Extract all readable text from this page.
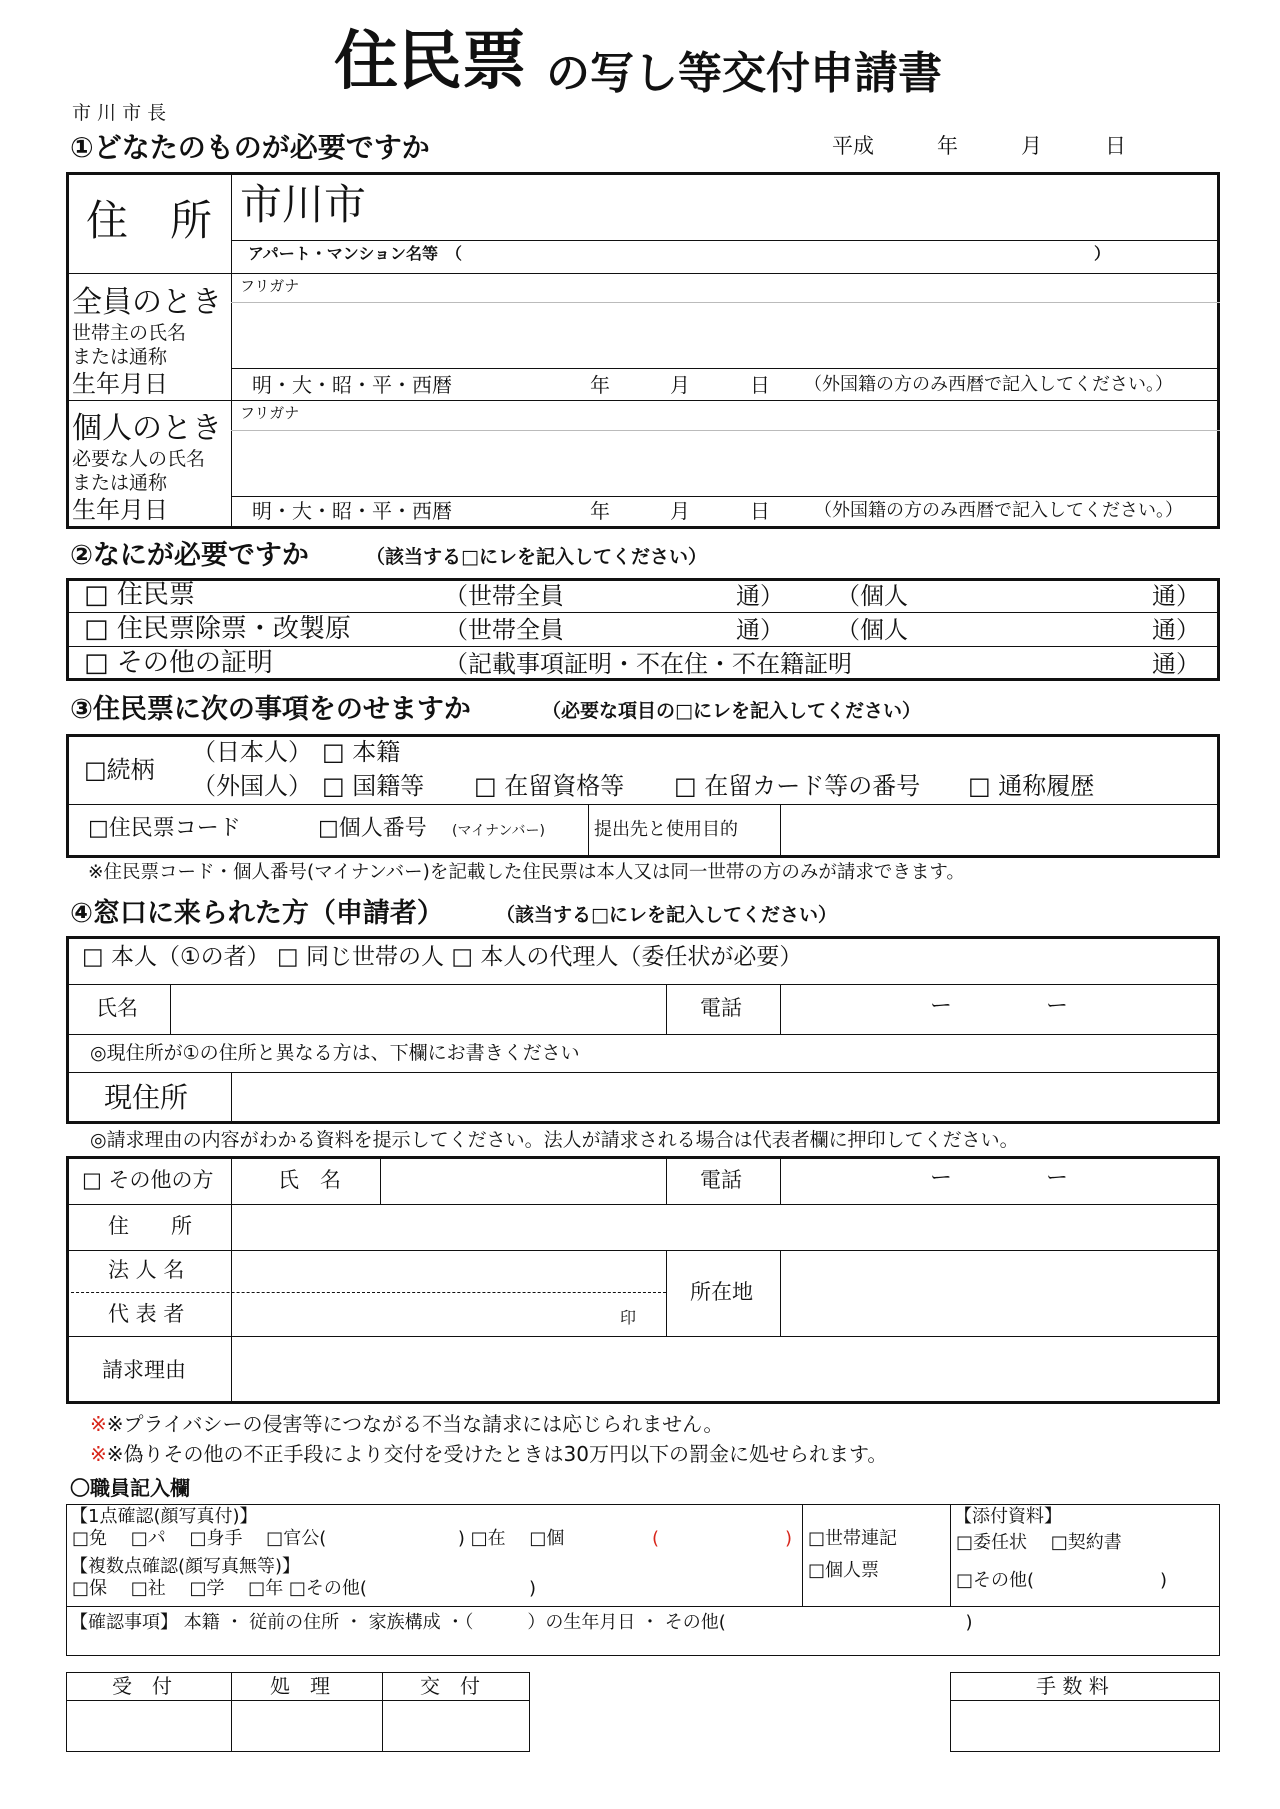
住民票 の写し等交付申請書
市 川 市 長
①どなたのものが必要ですか	平成　　　年　　　月　　　日
住　所 市川市
アパート・マンション名等　（	）
全員のとき
世帯主の氏名
または通称
生年月日
フリガナ
明・大・昭・平・西暦	年　　　月　　　日 （外国籍の方のみ西暦で記入してください。）
個人のとき
必要な人の氏名
または通称
生年月日
フリガナ
明・大・昭・平・西暦	年　　　月　　　日 （外国籍の方のみ西暦で記入してください。）
②なにが必要ですか	（該当する□にレを記入してください）
□ 住民票	（世帯全員	通） （個人	通）
□ 住民票除票・改製原	（世帯全員	通） （個人	通）
□ その他の証明	（記載事項証明・不在住・不在籍証明	通）
③住民票に次の事項をのせますか	（必要な項目の□にレを記入してください）
□続柄
（日本人） □ 本籍
（外国人） □ 国籍等 □ 在留資格等 □ 在留カード等の番号 □ 通称履歴
□住民票コード	□個人番号 (マイナンバー)	提出先と使用目的
※住民票コード・個人番号(マイナンバー)を記載した住民票は本人又は同一世帯の方のみが請求できます。
④窓口に来られた方（申請者）	（該当する□にレを記入してください）
□ 本人（①の者） □ 同じ世帯の人 □ 本人の代理人（委任状が必要）
氏名	電話	ー	ー
◎現住所が①の住所と異なる方は、下欄にお書きください
現住所
◎請求理由の内容がわかる資料を提示してください。法人が請求される場合は代表者欄に押印してください。
□ その他の方	氏　名	電話	ー	ー
住　　所
法 人 名
代 表 者	印
所在地
請求理由
※※プライバシーの侵害等につながる不当な請求には応じられません。
※※偽りその他の不正手段により交付を受けたときは30万円以下の罰金に処せられます。
〇職員記入欄
【1点確認(顔写真付)】
□免　 □パ　 □身手　 □官公(　　　　　　　 ) □在　 □個	(　　　　　　　)
【複数点確認(顔写真無等)】
□保　 □社　 □学　 □年 □その他(　　　　　　　　　)
□世帯連記
□個人票
【添付資料】
□委任状　 □契約書
□その他(　　　　　　　)
【確認事項】 本籍 ・ 従前の住所 ・ 家族構成 ・（　　　）の生年月日 ・ その他(　　　　　　　　　　　　　 )
受　付	処　理	交　付	手 数 料
